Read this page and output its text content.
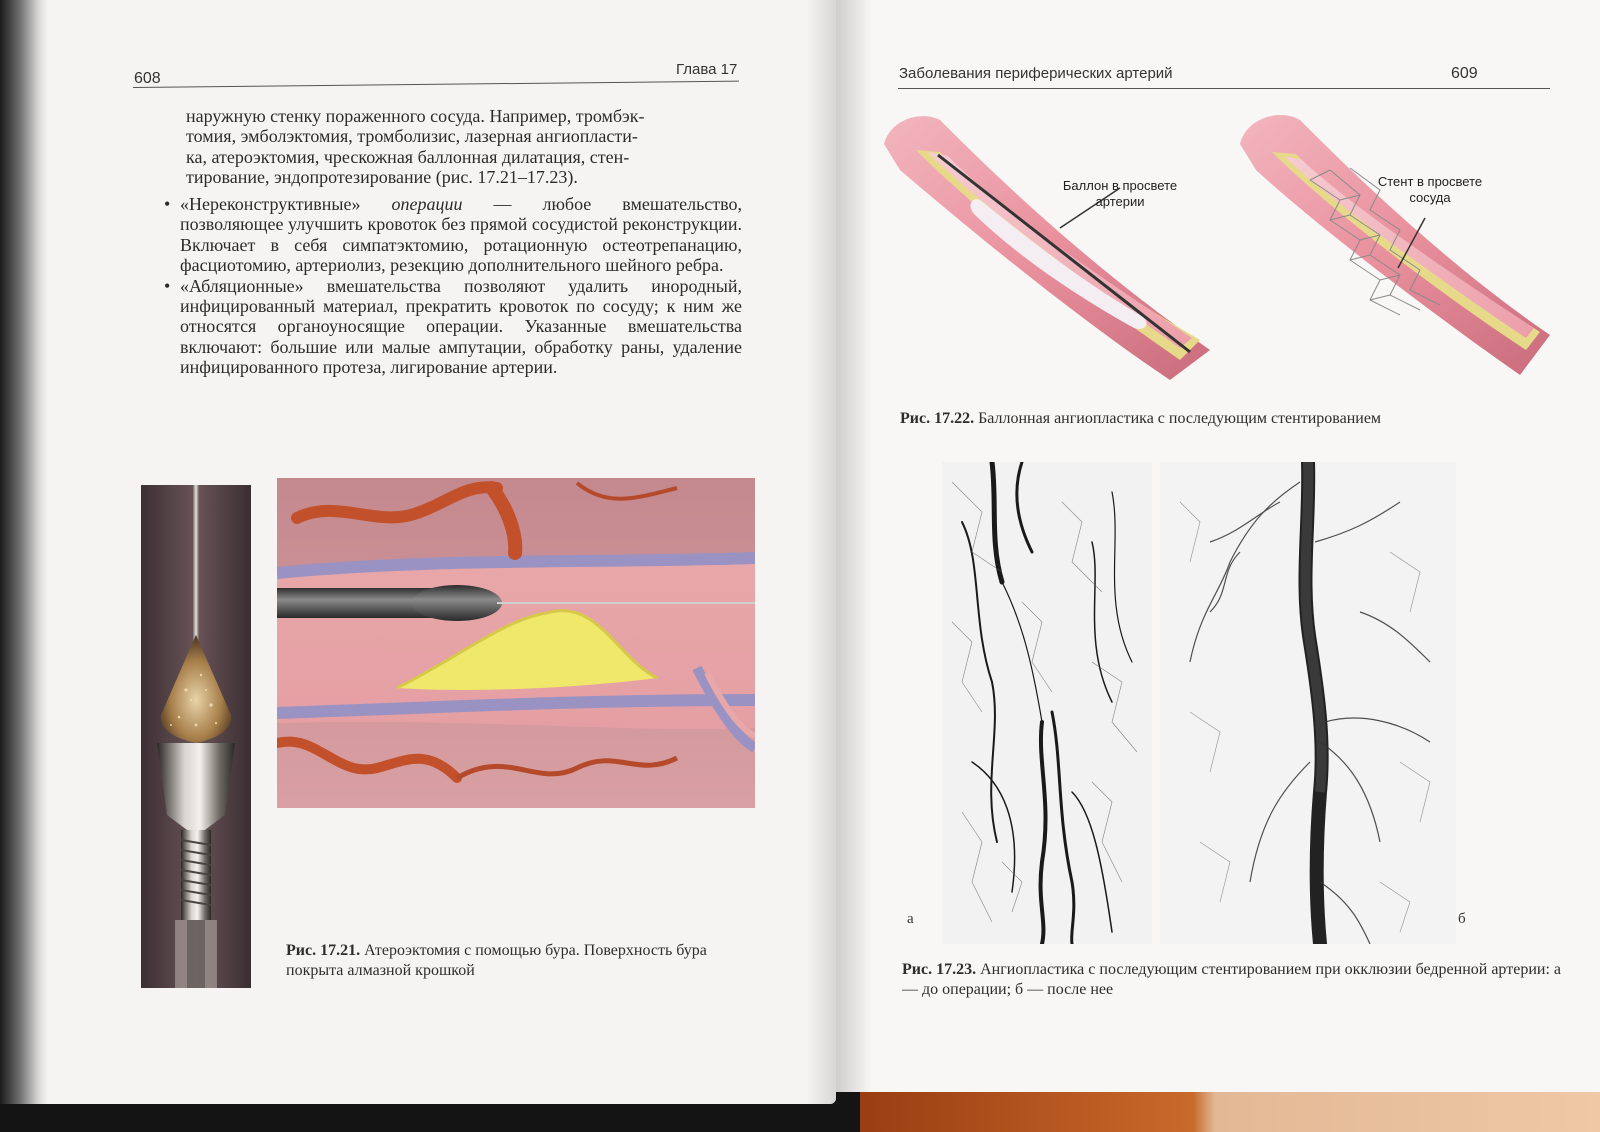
608
Глава 17

наружную стенку пораженного сосуда. Например, тромбэк-

томия, эмболэктомия, тромболизис, лазерная ангиопласти-

ка, атероэктомия, чрескожная баллонная дилатация, стен-

тирование, эндопротезирование (рис. 17.21–17.23).

• «Нереконструктивные» операции — любое вмешательство, позволяющее улучшить кровоток без прямой сосудистой реконструкции. Включает в себя симпатэктомию, ротационную остеотрепанацию, фасциотомию, артериолиз, резекцию дополнительного шейного ребра.

• «Абляционные» вмешательства позволяют удалить инородный, инфицированный материал, прекратить кровоток по сосуду; к ним же относятся органоуносящие операции. Указанные вмешательства включают: большие или малые ампутации, обработку раны, удаление инфицированного протеза, лигирование артерии.

Рис. 17.21. Атероэктомия с помощью бура. Поверхность бура покрыта алмазной крошкой
Заболевания периферических артерий	609
Баллон в просвете
артерии
Стент в просвете
сосуда
Рис. 17.22. Баллонная ангиопластика с последующим стентированием
а	б
Рис. 17.23. Ангиопластика с последующим стентированием при окклюзии бедренной артерии: а — до операции; б — после нее
